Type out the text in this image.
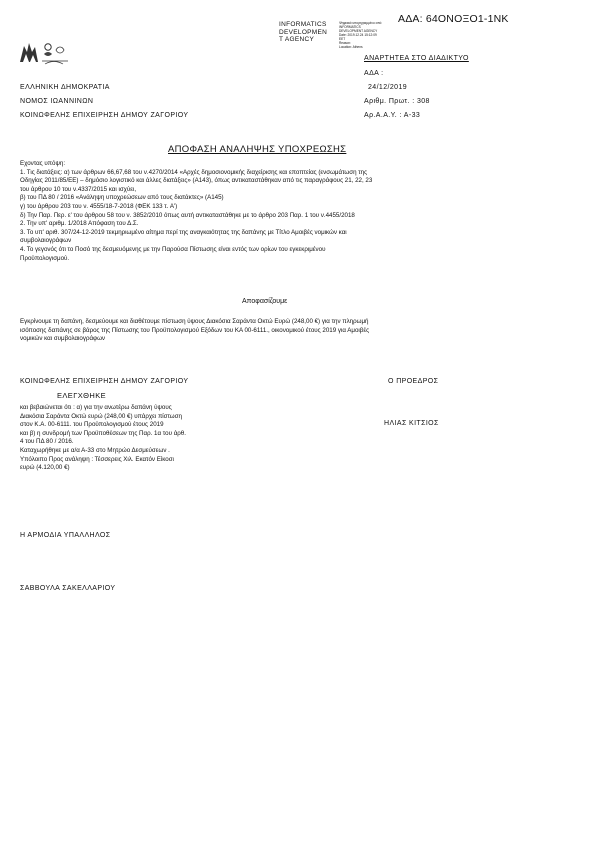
ΑΔΑ: 64ΟΝΟΞΟ1-1ΝΚ
INFORMATICS
DEVELOPMEN
T AGENCY
Ψηφιακά υπογεγραμμένο από
INFORMATICS
DEVELOPMENT AGENCY
Date: 2019.12.24 15:12:09
EET
Reason:
Location: Athens
ΑΝΑΡΤΗΤΕΑ ΣΤΟ ΔΙΑΔΙΚΤΥΟ
ΕΛΛΗΝΙΚΗ ΔΗΜΟΚΡΑΤΙΑ
ΝΟΜΟΣ ΙΩΑΝΝΙΝΩΝ
ΚΟΙΝΩΦΕΛΗΣ ΕΠΙΧΕΙΡΗΣΗ ΔΗΜΟΥ ΖΑΓΟΡΙΟΥ
ΑΔΑ :
24/12/2019
Αριθμ. Πρωτ. : 308
Αρ.Α.Α.Υ. : Α-33
ΑΠΟΦΑΣΗ ΑΝΑΛΗΨΗΣ ΥΠΟΧΡΕΩΣΗΣ
Εχοντας υπόψη:
1. Τις διατάξεις: α) των άρθρων 66,67,68 του ν.4270/2014 «Αρχές δημοσιονομικής διαχείρισης και εποπτείας (ενσωμάτωση της
Οδηγίας 2011/85/ΕΕ) – δημόσιο λογιστικό και άλλες διατάξεις» (Α143), όπως αντικαταστάθηκαν από τις παραγράφους 21, 22, 23
του άρθρου 10 του ν.4337/2015 και ισχύει,
β) του ΠΔ 80 / 2016 «Ανάληψη υποχρεώσεων από τους διατάκτες» (Α145)
γ) του άρθρου 203 του ν. 4555/18-7-2018 (ΦΕΚ 133 τ. Α')
δ) Την Παρ. Περ. ε' του άρθρου 58 του ν. 3852/2010 όπως αυτή αντικαταστάθηκε με το άρθρο 203 Παρ. 1 του ν.4455/2018
2. Την υπ' αριθμ. 1/2018 Απόφαση του Δ.Σ.
3. Το υπ' αριθ. 307/24-12-2019 τεκμηριωμένο αίτημα περί της αναγκαιότητας της δαπάνης με Τίτλο Αμοιβές νομικών και
συμβολαιογράφων
4. Το γεγονός ότι το Ποσό της δεσμευόμενης με την Παρούσα Πίστωσης είναι εντός των ορίων του εγκεκριμένου
Προϋπολογισμού.
Αποφασίζουμε
Εγκρίνουμε τη δαπάνη, δεσμεύουμε και διαθέτουμε πίστωση ύψους Διακόσια Σαράντα Οκτώ Ευρώ (248,00 €) για την πληρωμή
ισόποσης δαπάνης σε βάρος της Πίστωσης του Προϋπολογισμού Εξόδων του ΚΑ 00-6111., οικονομικού έτους 2019 για Αμοιβές
νομικών και συμβολαιογράφων
ΚΟΙΝΩΦΕΛΗΣ ΕΠΙΧΕΙΡΗΣΗ ΔΗΜΟΥ ΖΑΓΟΡΙΟΥ
ΕΛΕΓΧΘΗΚΕ
και βεβαιώνεται ότι : α) για την ανωτέρω δαπάνη ύψους
Διακόσια Σαράντα Οκτώ ευρώ (248,00 €) υπάρχει πίστωση
στον Κ.Α. 00-6111. του Προϋπολογισμού έτους 2019
και β) η συνδρομή των Προϋποθέσεων της Παρ. 1α του άρθ.
4 του ΠΔ 80 / 2016.
Καταχωρήθηκε με α/α Α-33 στο Μητρώο Δεσμεύσεων .
Υπόλοιπο Προς ανάληψη : Τέσσερεις Χιλ. Εκατόν Είκοσι
ευρώ (4.120,00 €)
Ο ΠΡΟΕΔΡΟΣ
ΗΛΙΑΣ ΚΙΤΣΙΟΣ
Η ΑΡΜΟΔΙΑ ΥΠΑΛΛΗΛΟΣ
ΣΑΒΒΟΥΛΑ ΣΑΚΕΛΛΑΡΙΟΥ
